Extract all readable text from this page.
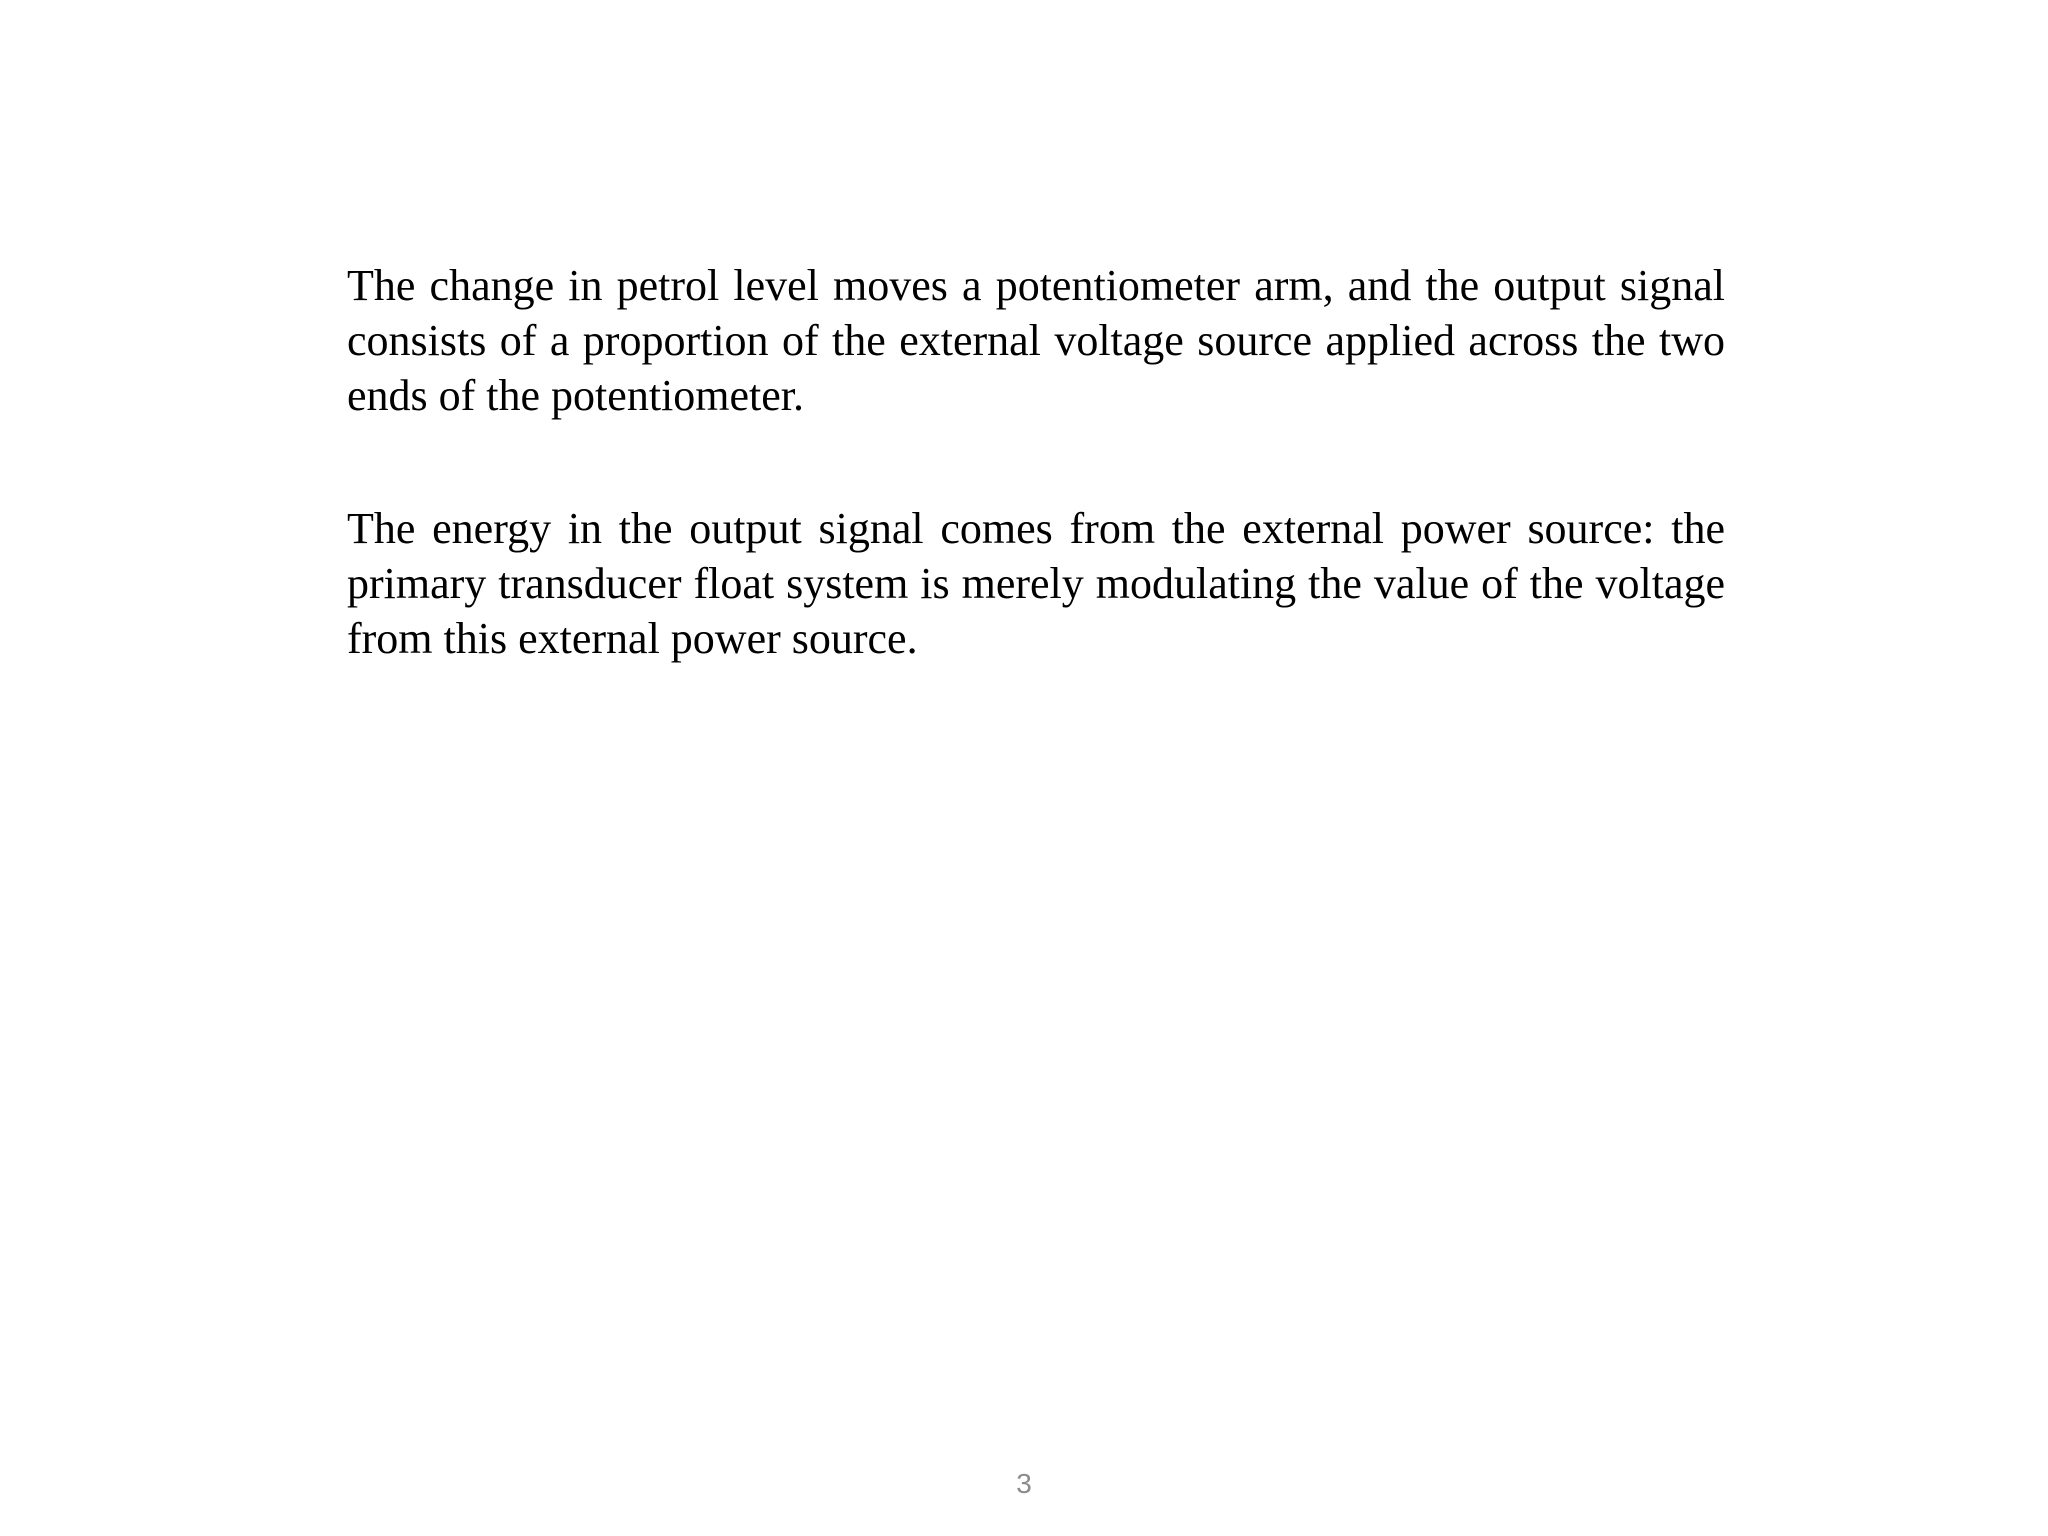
The change in petrol level moves a potentiometer arm, and the output signal consists of a proportion of the external voltage source applied across the two ends of the potentiometer.

The energy in the output signal comes from the external power source: the primary transducer float system is merely modulating the value of the voltage from this external power source.

3
